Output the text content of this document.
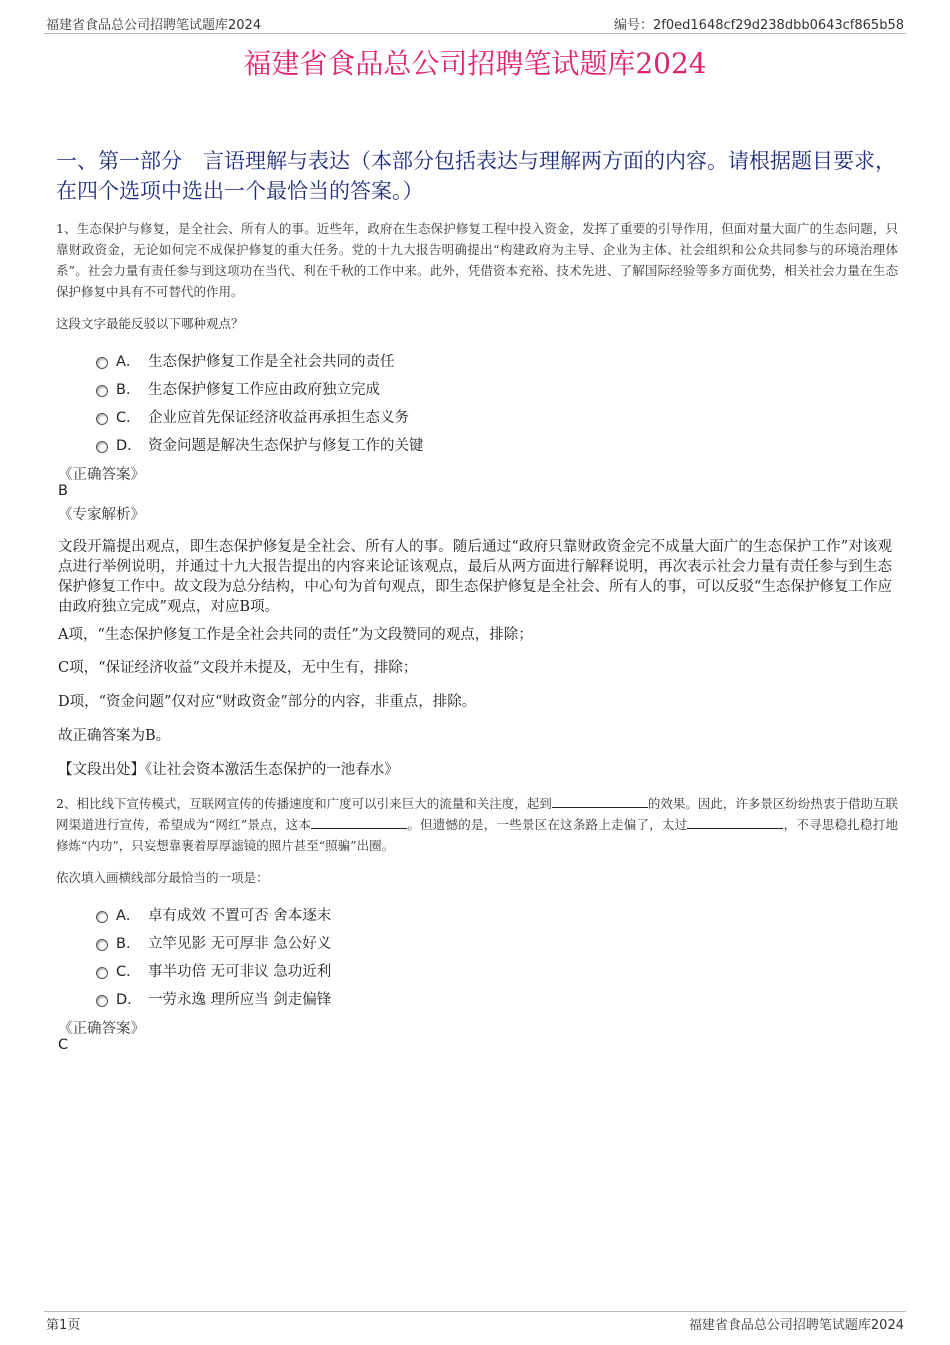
福建省食品总公司招聘笔试题库2024	编号：2f0ed1648cf29d238dbb0643cf865b58
福建省食品总公司招聘笔试题库2024
一、第一部分　言语理解与表达（本部分包括表达与理解两方面的内容。请根据题目要求，在四个选项中选出一个最恰当的答案。）
1、生态保护与修复，是全社会、所有人的事。近些年，政府在生态保护修复工程中投入资金，发挥了重要的引导作用，但面对量大面广的生态问题，只靠财政资金，无论如何完不成保护修复的重大任务。党的十九大报告明确提出“构建政府为主导、企业为主体、社会组织和公众共同参与的环境治理体系”。社会力量有责任参与到这项功在当代、利在千秋的工作中来。此外，凭借资本充裕、技术先进、了解国际经验等多方面优势，相关社会力量在生态保护修复中具有不可替代的作用。
这段文字最能反驳以下哪种观点？
A． 生态保护修复工作是全社会共同的责任
B． 生态保护修复工作应由政府独立完成
C． 企业应首先保证经济收益再承担生态义务
D． 资金问题是解决生态保护与修复工作的关键
《正确答案》
B
《专家解析》
文段开篇提出观点，即生态保护修复是全社会、所有人的事。随后通过“政府只靠财政资金完不成量大面广的生态保护工作”对该观点进行举例说明，并通过十九大报告提出的内容来论证该观点，最后从两方面进行解释说明，再次表示社会力量有责任参与到生态保护修复工作中。故文段为总分结构，中心句为首句观点，即生态保护修复是全社会、所有人的事，可以反驳“生态保护修复工作应由政府独立完成”观点，对应B项。
A项，“生态保护修复工作是全社会共同的责任”为文段赞同的观点，排除；
C项，“保证经济收益”文段并未提及，无中生有，排除；
D项，“资金问题”仅对应“财政资金”部分的内容，非重点，排除。
故正确答案为B。
【文段出处】《让社会资本激活生态保护的一池春水》
2、相比线下宣传模式，互联网宣传的传播速度和广度可以引来巨大的流量和关注度，起到	的效果。因此，许多景区纷纷热衷于借助互联网渠道进行宣传，希望成为“网红”景点，这本	。但遗憾的是，一些景区在这条路上走偏了，太过	，不寻思稳扎稳打地修炼“内功”，只妄想靠裹着厚厚滤镜的照片甚至“照骗”出圈。
依次填入画横线部分最恰当的一项是：
A． 卓有成效 不置可否 舍本逐末
B． 立竿见影 无可厚非 急公好义
C． 事半功倍 无可非议 急功近利
D． 一劳永逸 理所应当 剑走偏锋
《正确答案》
C
第1页	福建省食品总公司招聘笔试题库2024
